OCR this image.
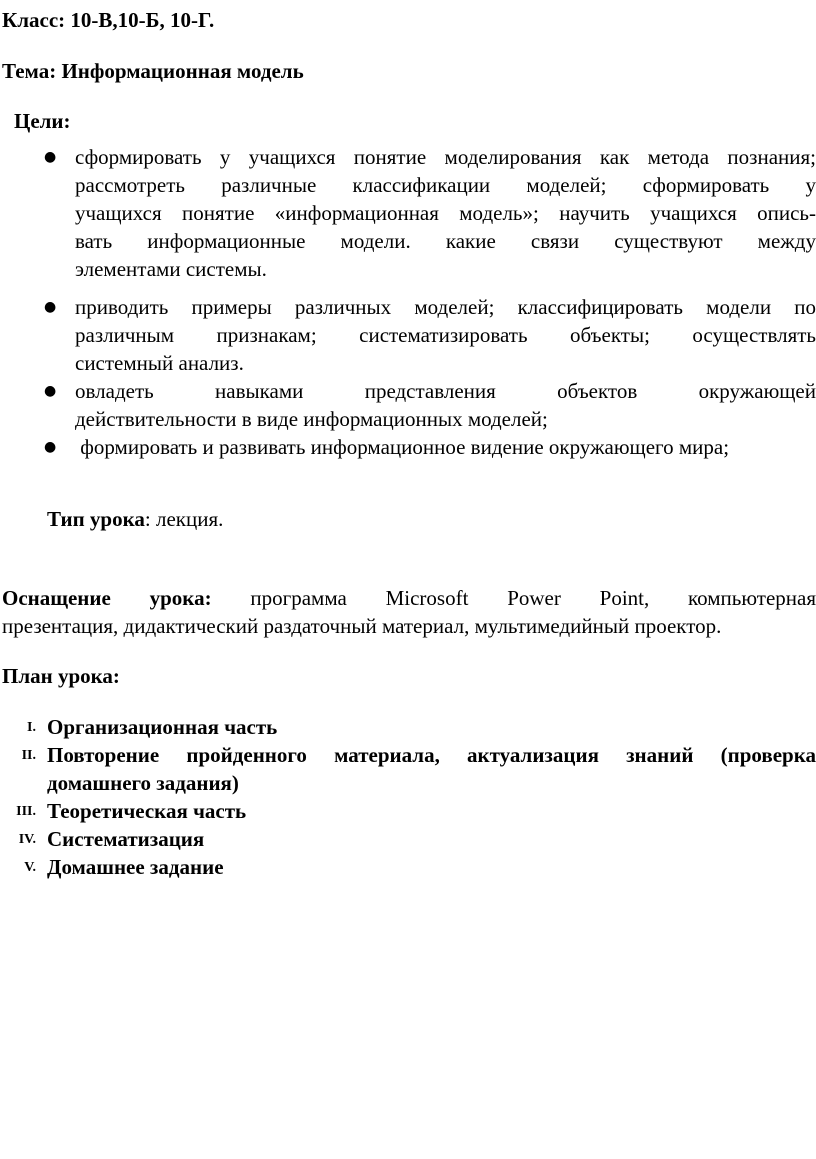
Класс: 10-В,10-Б, 10-Г.
Тема: Информационная модель
Цели:
● сформировать у учащихся понятие моделирования как метода познания;
рассмотреть различные классификации моделей; сформировать у
учащихся понятие «информационная модель»; научить учащихся опись-
вать информационные модели. какие связи существуют между
элементами системы.
● приводить примеры различных моделей; классифицировать модели по
различным признакам; систематизировать объекты; осуществлять
системный анализ.
● овладеть навыками представления объектов окружающей
действительности в виде информационных моделей;
● формировать и развивать информационное видение окружающего мира;
Тип урока: лекция.
Оснащение урока: программа Microsoft Power Point, компьютерная
презентация, дидактический раздаточный материал, мультимедийный проектор.
План урока:
I. Организационная часть
II. Повторение пройденного материала, актуализация знаний (проверка
домашнего задания)
III. Теоретическая часть
IV. Систематизация
V. Домашнее задание
